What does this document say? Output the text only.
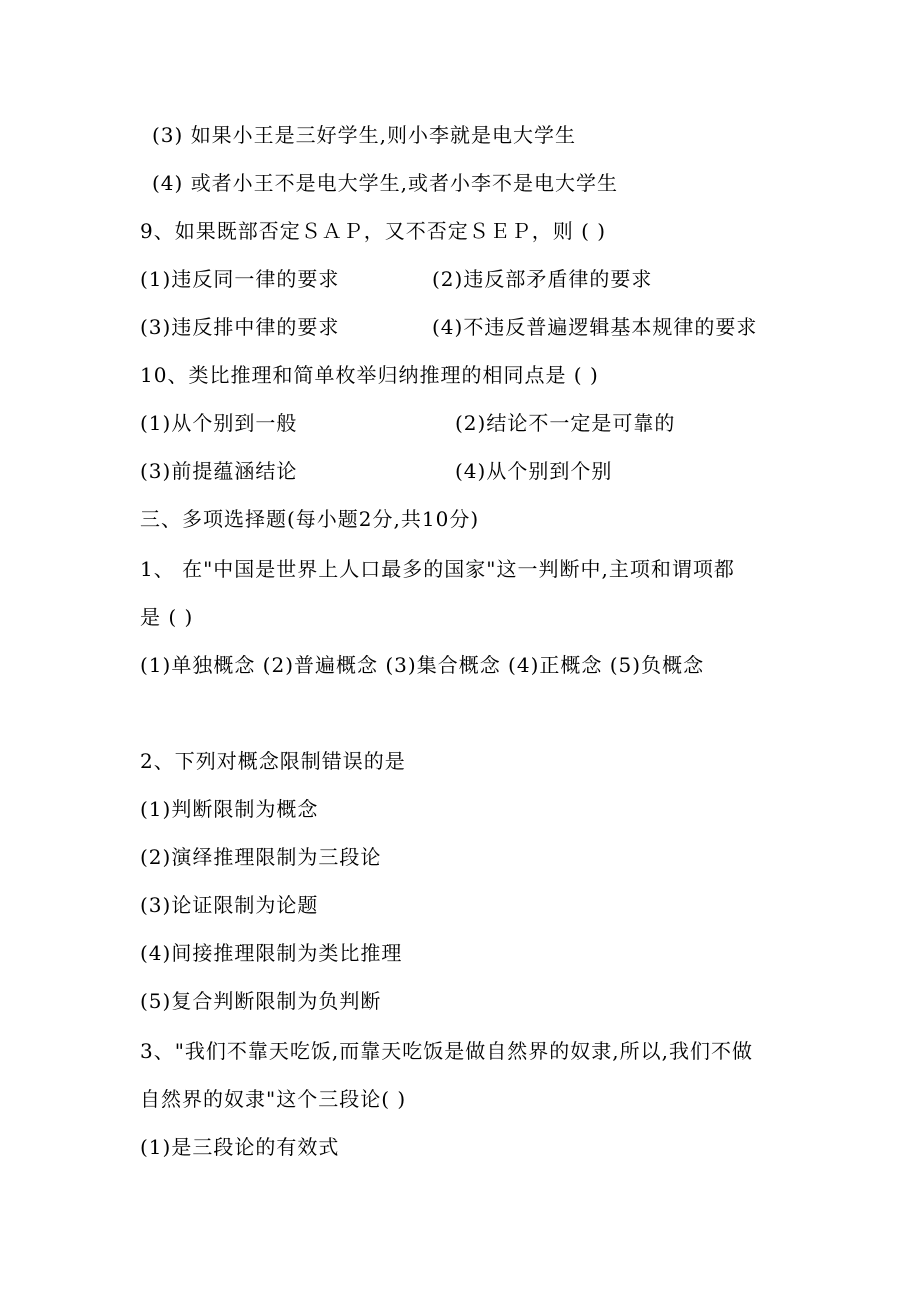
(3) 如果小王是三好学生,则小李就是电大学生
(4) 或者小王不是电大学生,或者小李不是电大学生
9、如果既部否定ＳＡＰ，又不否定ＳＥＰ，则 ( )
(1)违反同一律的要求	(2)违反部矛盾律的要求
(3)违反排中律的要求	(4)不违反普遍逻辑基本规律的要求
10、类比推理和简单枚举归纳推理的相同点是 ( )
(1)从个别到一般	(2)结论不一定是可靠的
(3)前提蕴涵结论	(4)从个别到个别
三、多项选择题(每小题2分,共10分)
1、 在"中国是世界上人口最多的国家"这一判断中,主项和谓项都
是 ( )
(1)单独概念 (2)普遍概念 (3)集合概念 (4)正概念 (5)负概念
2、下列对概念限制错误的是
(1)判断限制为概念
(2)演绎推理限制为三段论
(3)论证限制为论题
(4)间接推理限制为类比推理
(5)复合判断限制为负判断
3、"我们不靠天吃饭,而靠天吃饭是做自然界的奴隶,所以,我们不做
自然界的奴隶"这个三段论( )
(1)是三段论的有效式
